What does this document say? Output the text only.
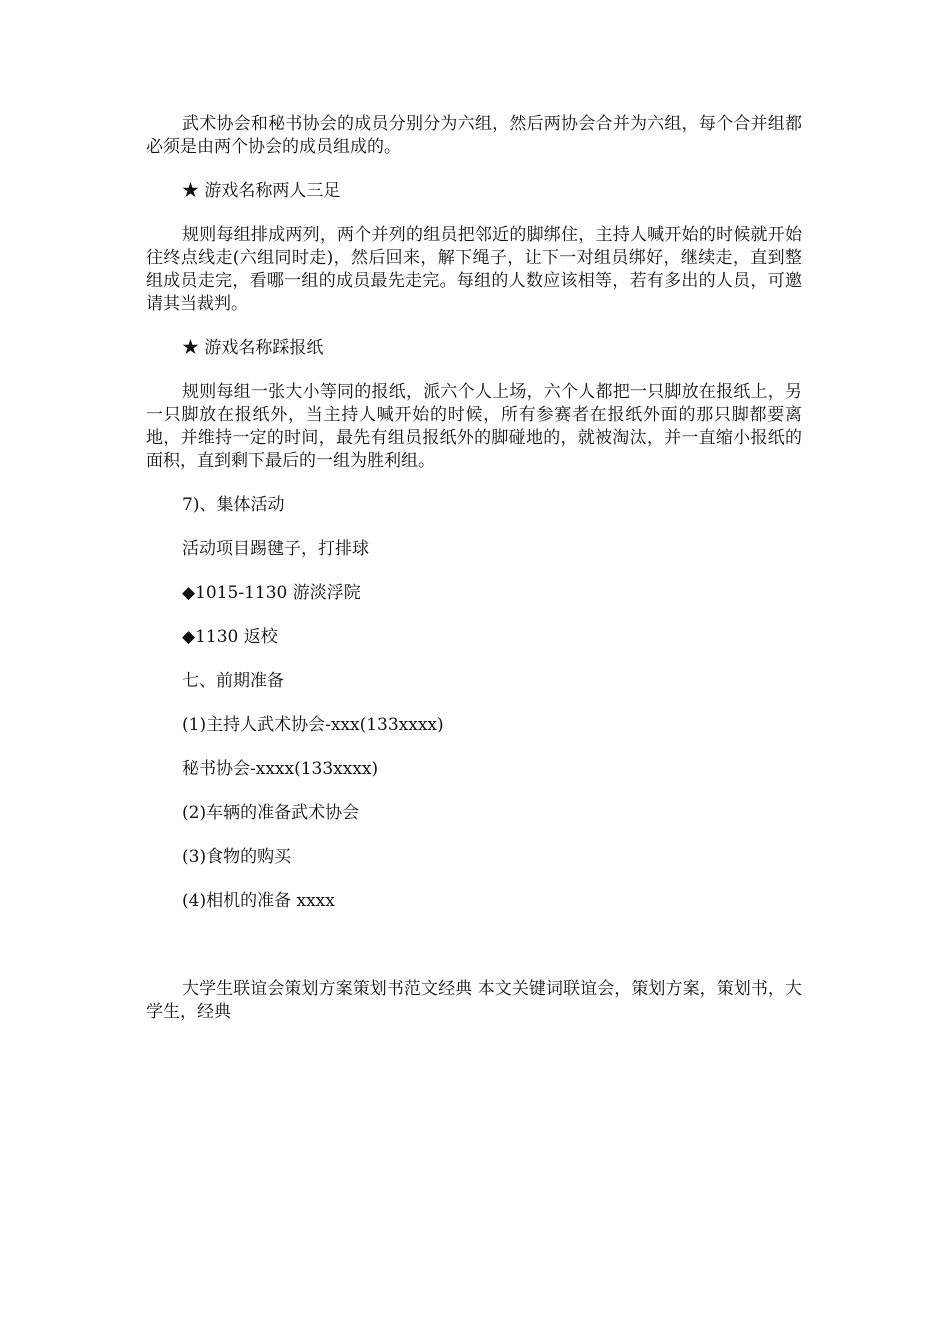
武术协会和秘书协会的成员分别分为六组，然后两协会合并为六组，每个合并组都必须是由两个协会的成员组成的。

★ 游戏名称两人三足

规则每组排成两列，两个并列的组员把邻近的脚绑住，主持人喊开始的时候就开始往终点线走(六组同时走)，然后回来，解下绳子，让下一对组员绑好，继续走，直到整组成员走完，看哪一组的成员最先走完。每组的人数应该相等，若有多出的人员，可邀请其当裁判。

★ 游戏名称踩报纸

规则每组一张大小等同的报纸，派六个人上场，六个人都把一只脚放在报纸上，另一只脚放在报纸外，当主持人喊开始的时候，所有参赛者在报纸外面的那只脚都要离地，并维持一定的时间，最先有组员报纸外的脚碰地的，就被淘汰，并一直缩小报纸的面积，直到剩下最后的一组为胜利组。

7)、集体活动

活动项目踢毽子，打排球

◆1015-1130 游淡浮院

◆1130 返校

七、前期准备

(1)主持人武术协会-xxx(133xxxx)

秘书协会-xxxx(133xxxx)

(2)车辆的准备武术协会

(3)食物的购买

(4)相机的准备 xxxx

大学生联谊会策划方案策划书范文经典 本文关键词联谊会，策划方案，策划书，大学生，经典
